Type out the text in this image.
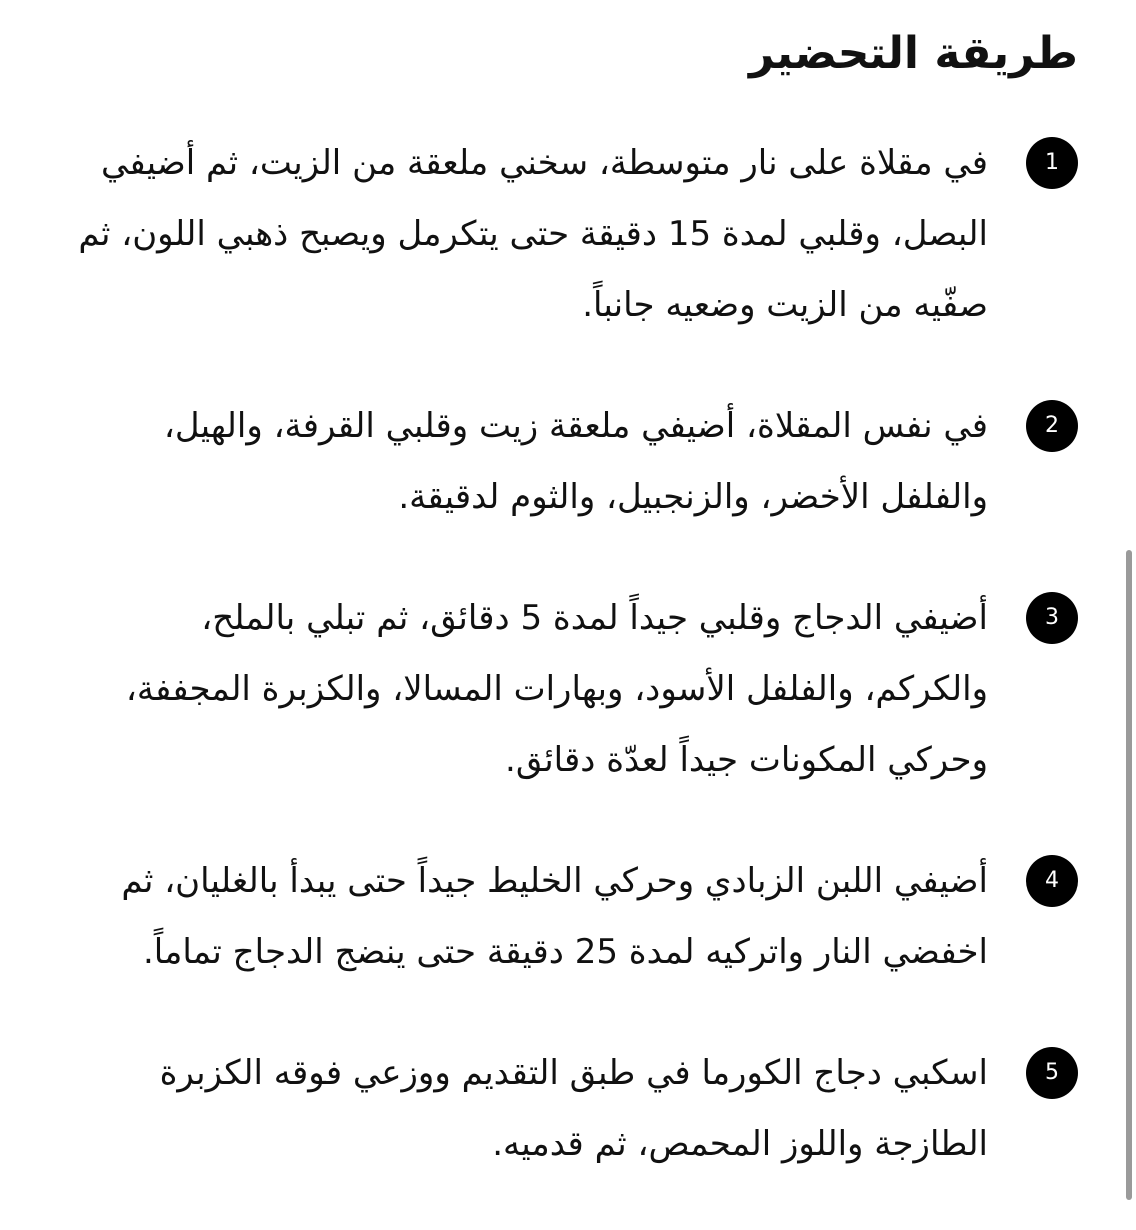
طريقة التحضير
1

في مقلاة على نار متوسطة، سخني ملعقة من الزيت، ثم أضيفي البصل، وقلبي لمدة 15 دقيقة حتى يتكرمل ويصبح ذهبي اللون، ثم صفّيه من الزيت وضعيه جانباً.

2

في نفس المقلاة، أضيفي ملعقة زيت وقلبي القرفة، والهيل، والفلفل الأخضر، والزنجبيل، والثوم لدقيقة.

3

أضيفي الدجاج وقلبي جيداً لمدة 5 دقائق، ثم تبلي بالملح، والكركم، والفلفل الأسود، وبهارات المسالا، والكزبرة المجففة، وحركي المكونات جيداً لعدّة دقائق.

4

أضيفي اللبن الزبادي وحركي الخليط جيداً حتى يبدأ بالغليان، ثم اخفضي النار واتركيه لمدة 25 دقيقة حتى ينضج الدجاج تماماً.

5

اسكبي دجاج الكورما في طبق التقديم ووزعي فوقه الكزبرة الطازجة واللوز المحمص، ثم قدميه.
